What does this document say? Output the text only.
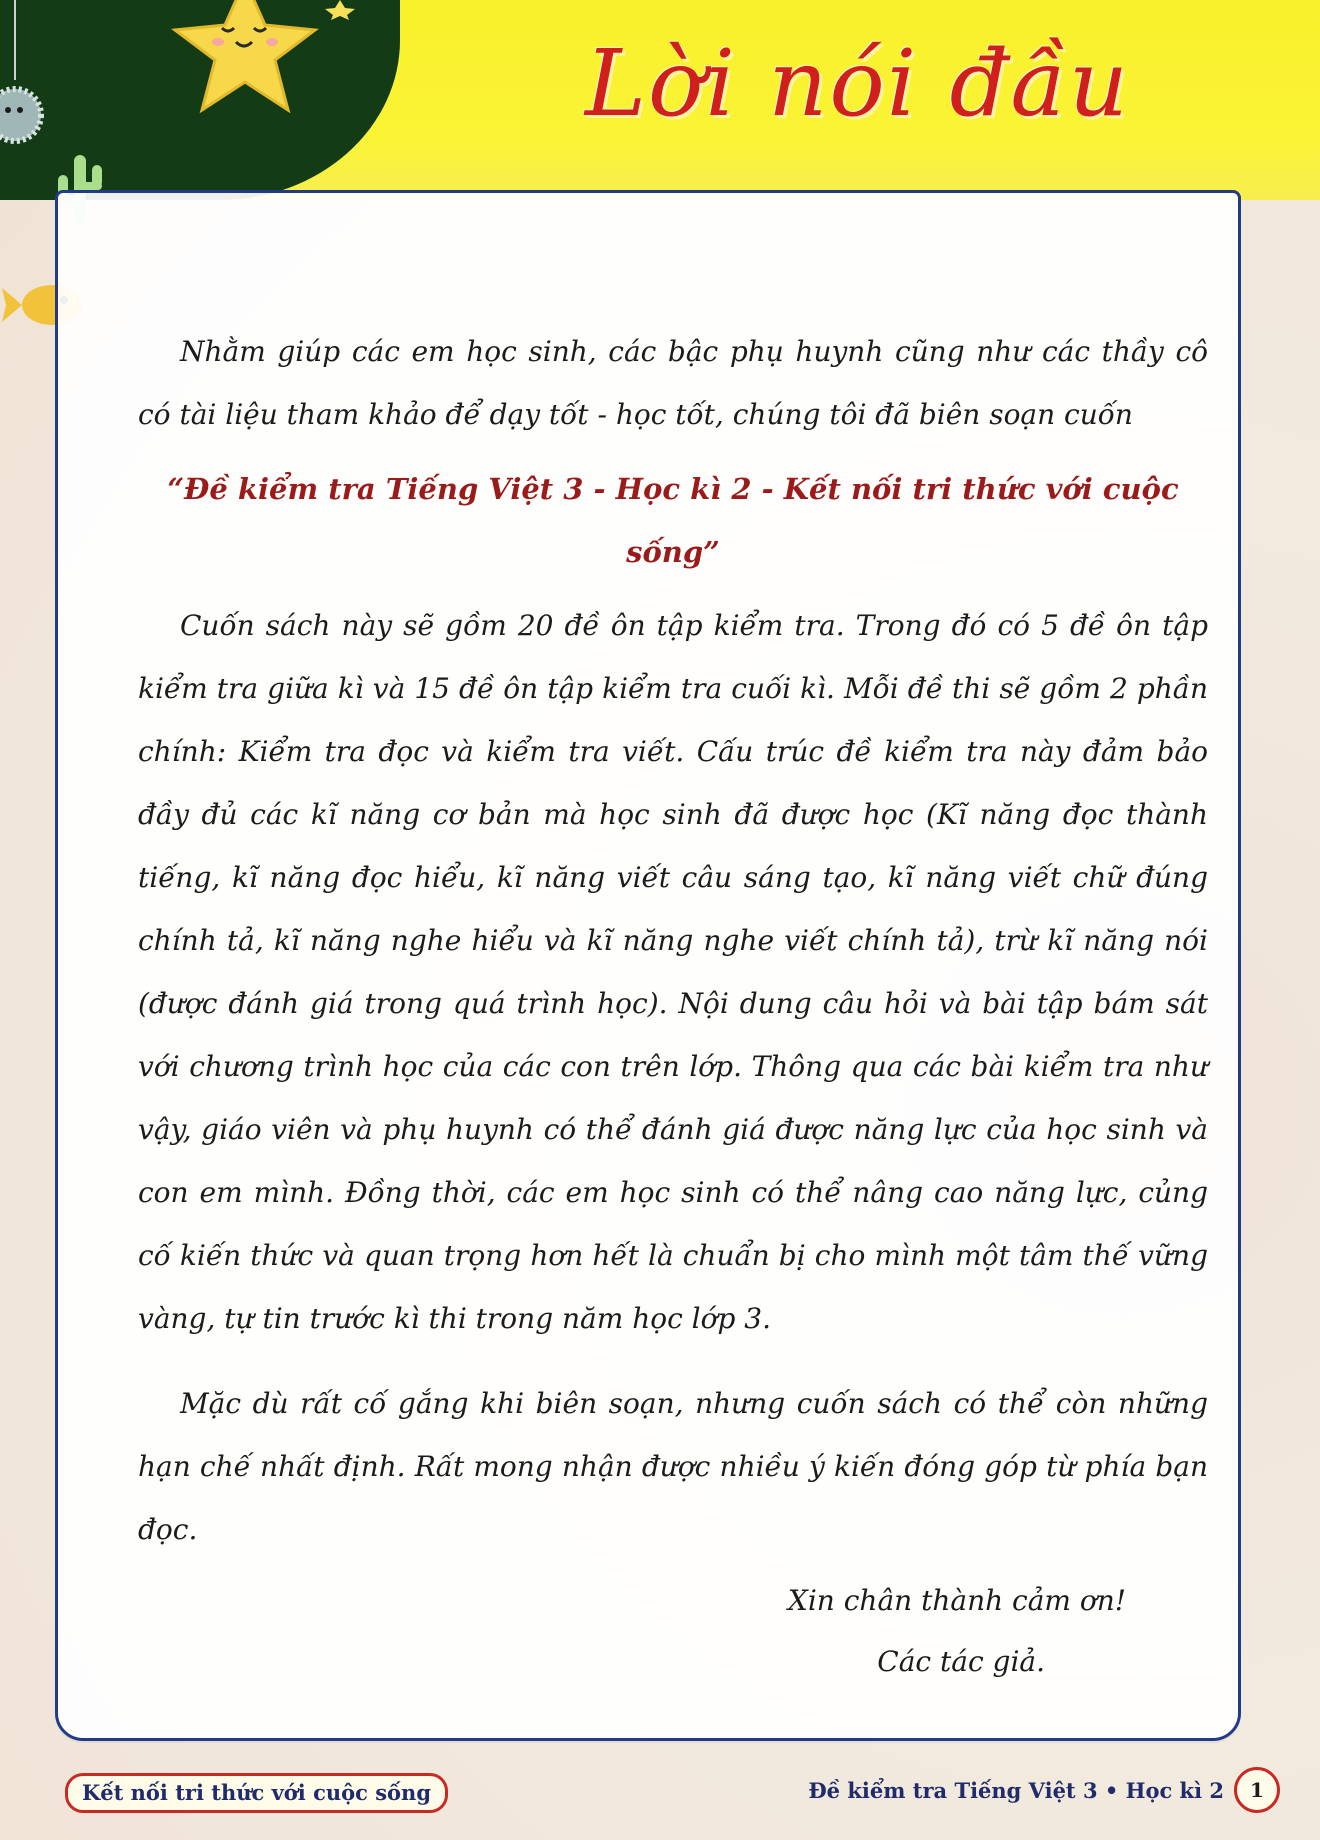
Lời nói đầu

Nhằm giúp các em học sinh, các bậc phụ huynh cũng như các thầy cô có tài liệu tham khảo để dạy tốt - học tốt, chúng tôi đã biên soạn cuốn

“Đề kiểm tra Tiếng Việt 3 - Học kì 2 - Kết nối tri thức với cuộc sống”

Cuốn sách này sẽ gồm 20 đề ôn tập kiểm tra. Trong đó có 5 đề ôn tập kiểm tra giữa kì và 15 đề ôn tập kiểm tra cuối kì. Mỗi đề thi sẽ gồm 2 phần chính: Kiểm tra đọc và kiểm tra viết. Cấu trúc đề kiểm tra này đảm bảo đầy đủ các kĩ năng cơ bản mà học sinh đã được học (Kĩ năng đọc thành tiếng, kĩ năng đọc hiểu, kĩ năng viết câu sáng tạo, kĩ năng viết chữ đúng chính tả, kĩ năng nghe hiểu và kĩ năng nghe viết chính tả), trừ kĩ năng nói (được đánh giá trong quá trình học). Nội dung câu hỏi và bài tập bám sát với chương trình học của các con trên lớp. Thông qua các bài kiểm tra như vậy, giáo viên và phụ huynh có thể đánh giá được năng lực của học sinh và con em mình. Đồng thời, các em học sinh có thể nâng cao năng lực, củng cố kiến thức và quan trọng hơn hết là chuẩn bị cho mình một tâm thế vững vàng, tự tin trước kì thi trong năm học lớp 3.

Mặc dù rất cố gắng khi biên soạn, nhưng cuốn sách có thể còn những hạn chế nhất định. Rất mong nhận được nhiều ý kiến đóng góp từ phía bạn đọc.

Xin chân thành cảm ơn!

Các tác giả.

Kết nối tri thức với cuộc sống	Đề kiểm tra Tiếng Việt 3 • Học kì 2	1
